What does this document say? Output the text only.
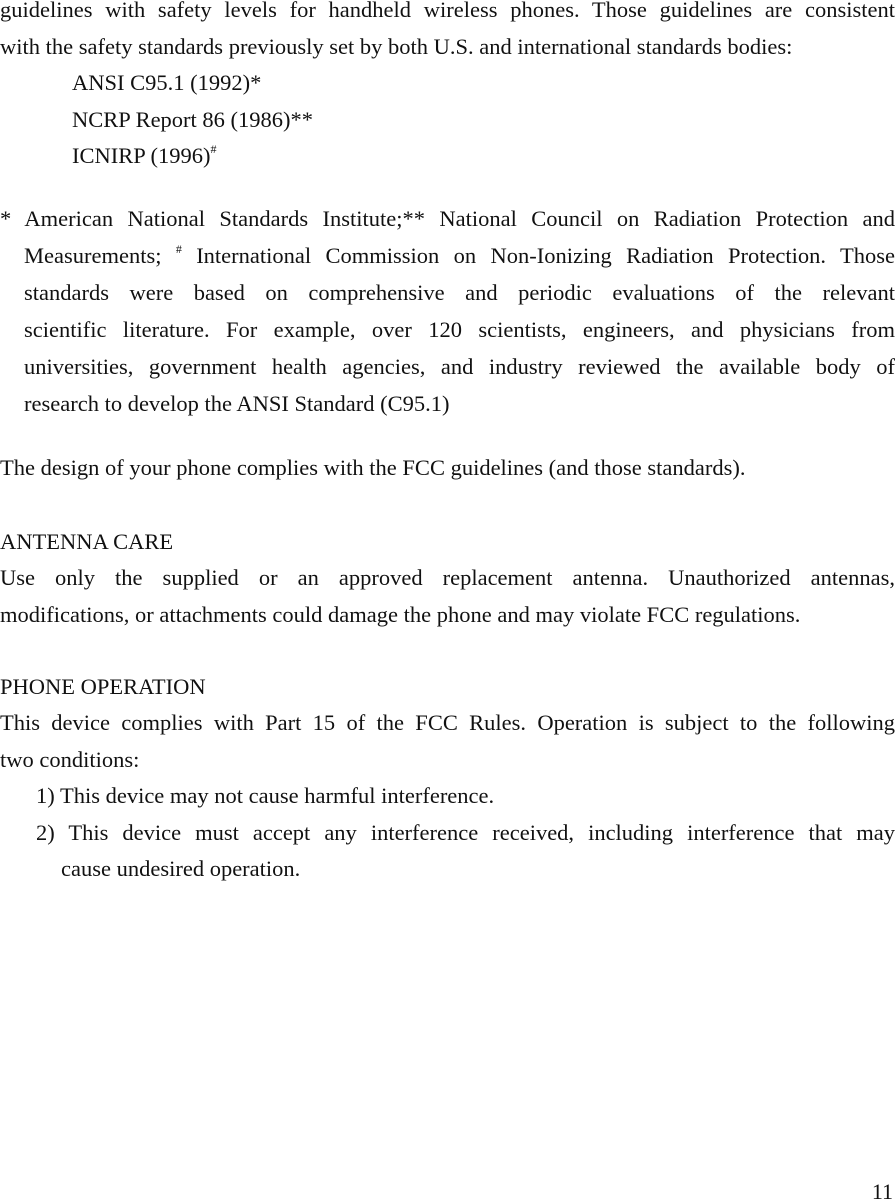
guidelines with safety levels for handheld wireless phones. Those guidelines are consistent
with the safety standards previously set by both U.S. and international standards bodies:
ANSI C95.1 (1992)*
NCRP Report 86 (1986)**
ICNIRP (1996)#
* American National Standards Institute;** National Council on Radiation Protection and
Measurements; # International Commission on Non-Ionizing Radiation Protection. Those
standards were based on comprehensive and periodic evaluations of the relevant
scientific literature. For example, over 120 scientists, engineers, and physicians from
universities, government health agencies, and industry reviewed the available body of
research to develop the ANSI Standard (C95.1)
The design of your phone complies with the FCC guidelines (and those standards).
ANTENNA CARE
Use only the supplied or an approved replacement antenna. Unauthorized antennas,
modifications, or attachments could damage the phone and may violate FCC regulations.
PHONE OPERATION
This device complies with Part 15 of the FCC Rules. Operation is subject to the following
two conditions:
1) This device may not cause harmful interference.
2) This device must accept any interference received, including interference that may
cause undesired operation.
11
